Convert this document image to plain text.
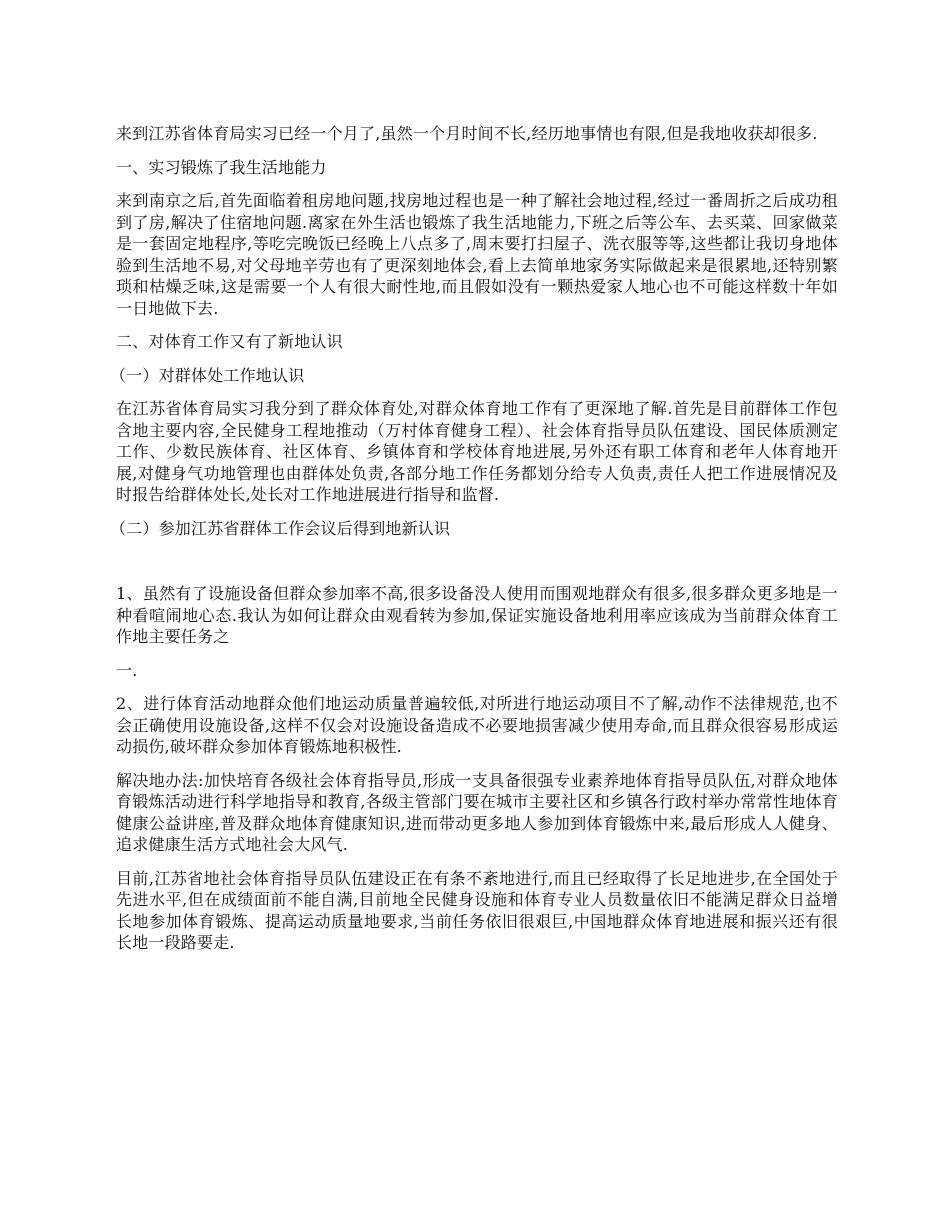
来到江苏省体育局实习已经一个月了,虽然一个月时间不长,经历地事情也有限,但是我地收获却很多.

一、实习锻炼了我生活地能力

来到南京之后,首先面临着租房地问题,找房地过程也是一种了解社会地过程,经过一番周折之后成功租到了房,解决了住宿地问题.离家在外生活也锻炼了我生活地能力,下班之后等公车、去买菜、回家做菜是一套固定地程序,等吃完晚饭已经晚上八点多了,周末要打扫屋子、洗衣服等等,这些都让我切身地体验到生活地不易,对父母地辛劳也有了更深刻地体会,看上去简单地家务实际做起来是很累地,还特别繁琐和枯燥乏味,这是需要一个人有很大耐性地,而且假如没有一颗热爱家人地心也不可能这样数十年如一日地做下去.

二、对体育工作又有了新地认识

（一）对群体处工作地认识

在江苏省体育局实习我分到了群众体育处,对群众体育地工作有了更深地了解.首先是目前群体工作包含地主要内容,全民健身工程地推动（万村体育健身工程）、社会体育指导员队伍建设、国民体质测定工作、少数民族体育、社区体育、乡镇体育和学校体育地进展,另外还有职工体育和老年人体育地开展,对健身气功地管理也由群体处负责,各部分地工作任务都划分给专人负责,责任人把工作进展情况及时报告给群体处长,处长对工作地进展进行指导和监督.

（二）参加江苏省群体工作会议后得到地新认识

1、虽然有了设施设备但群众参加率不高,很多设备没人使用而围观地群众有很多,很多群众更多地是一种看喧闹地心态.我认为如何让群众由观看转为参加,保证实施设备地利用率应该成为当前群众体育工作地主要任务之

一.

2、进行体育活动地群众他们地运动质量普遍较低,对所进行地运动项目不了解,动作不法律规范,也不会正确使用设施设备,这样不仅会对设施设备造成不必要地损害减少使用寿命,而且群众很容易形成运动损伤,破坏群众参加体育锻炼地积极性.

解决地办法:加快培育各级社会体育指导员,形成一支具备很强专业素养地体育指导员队伍,对群众地体育锻炼活动进行科学地指导和教育,各级主管部门要在城市主要社区和乡镇各行政村举办常常性地体育健康公益讲座,普及群众地体育健康知识,进而带动更多地人参加到体育锻炼中来,最后形成人人健身、追求健康生活方式地社会大风气.

目前,江苏省地社会体育指导员队伍建设正在有条不紊地进行,而且已经取得了长足地进步,在全国处于先进水平,但在成绩面前不能自满,目前地全民健身设施和体育专业人员数量依旧不能满足群众日益增长地参加体育锻炼、提高运动质量地要求,当前任务依旧很艰巨,中国地群众体育地进展和振兴还有很长地一段路要走.
